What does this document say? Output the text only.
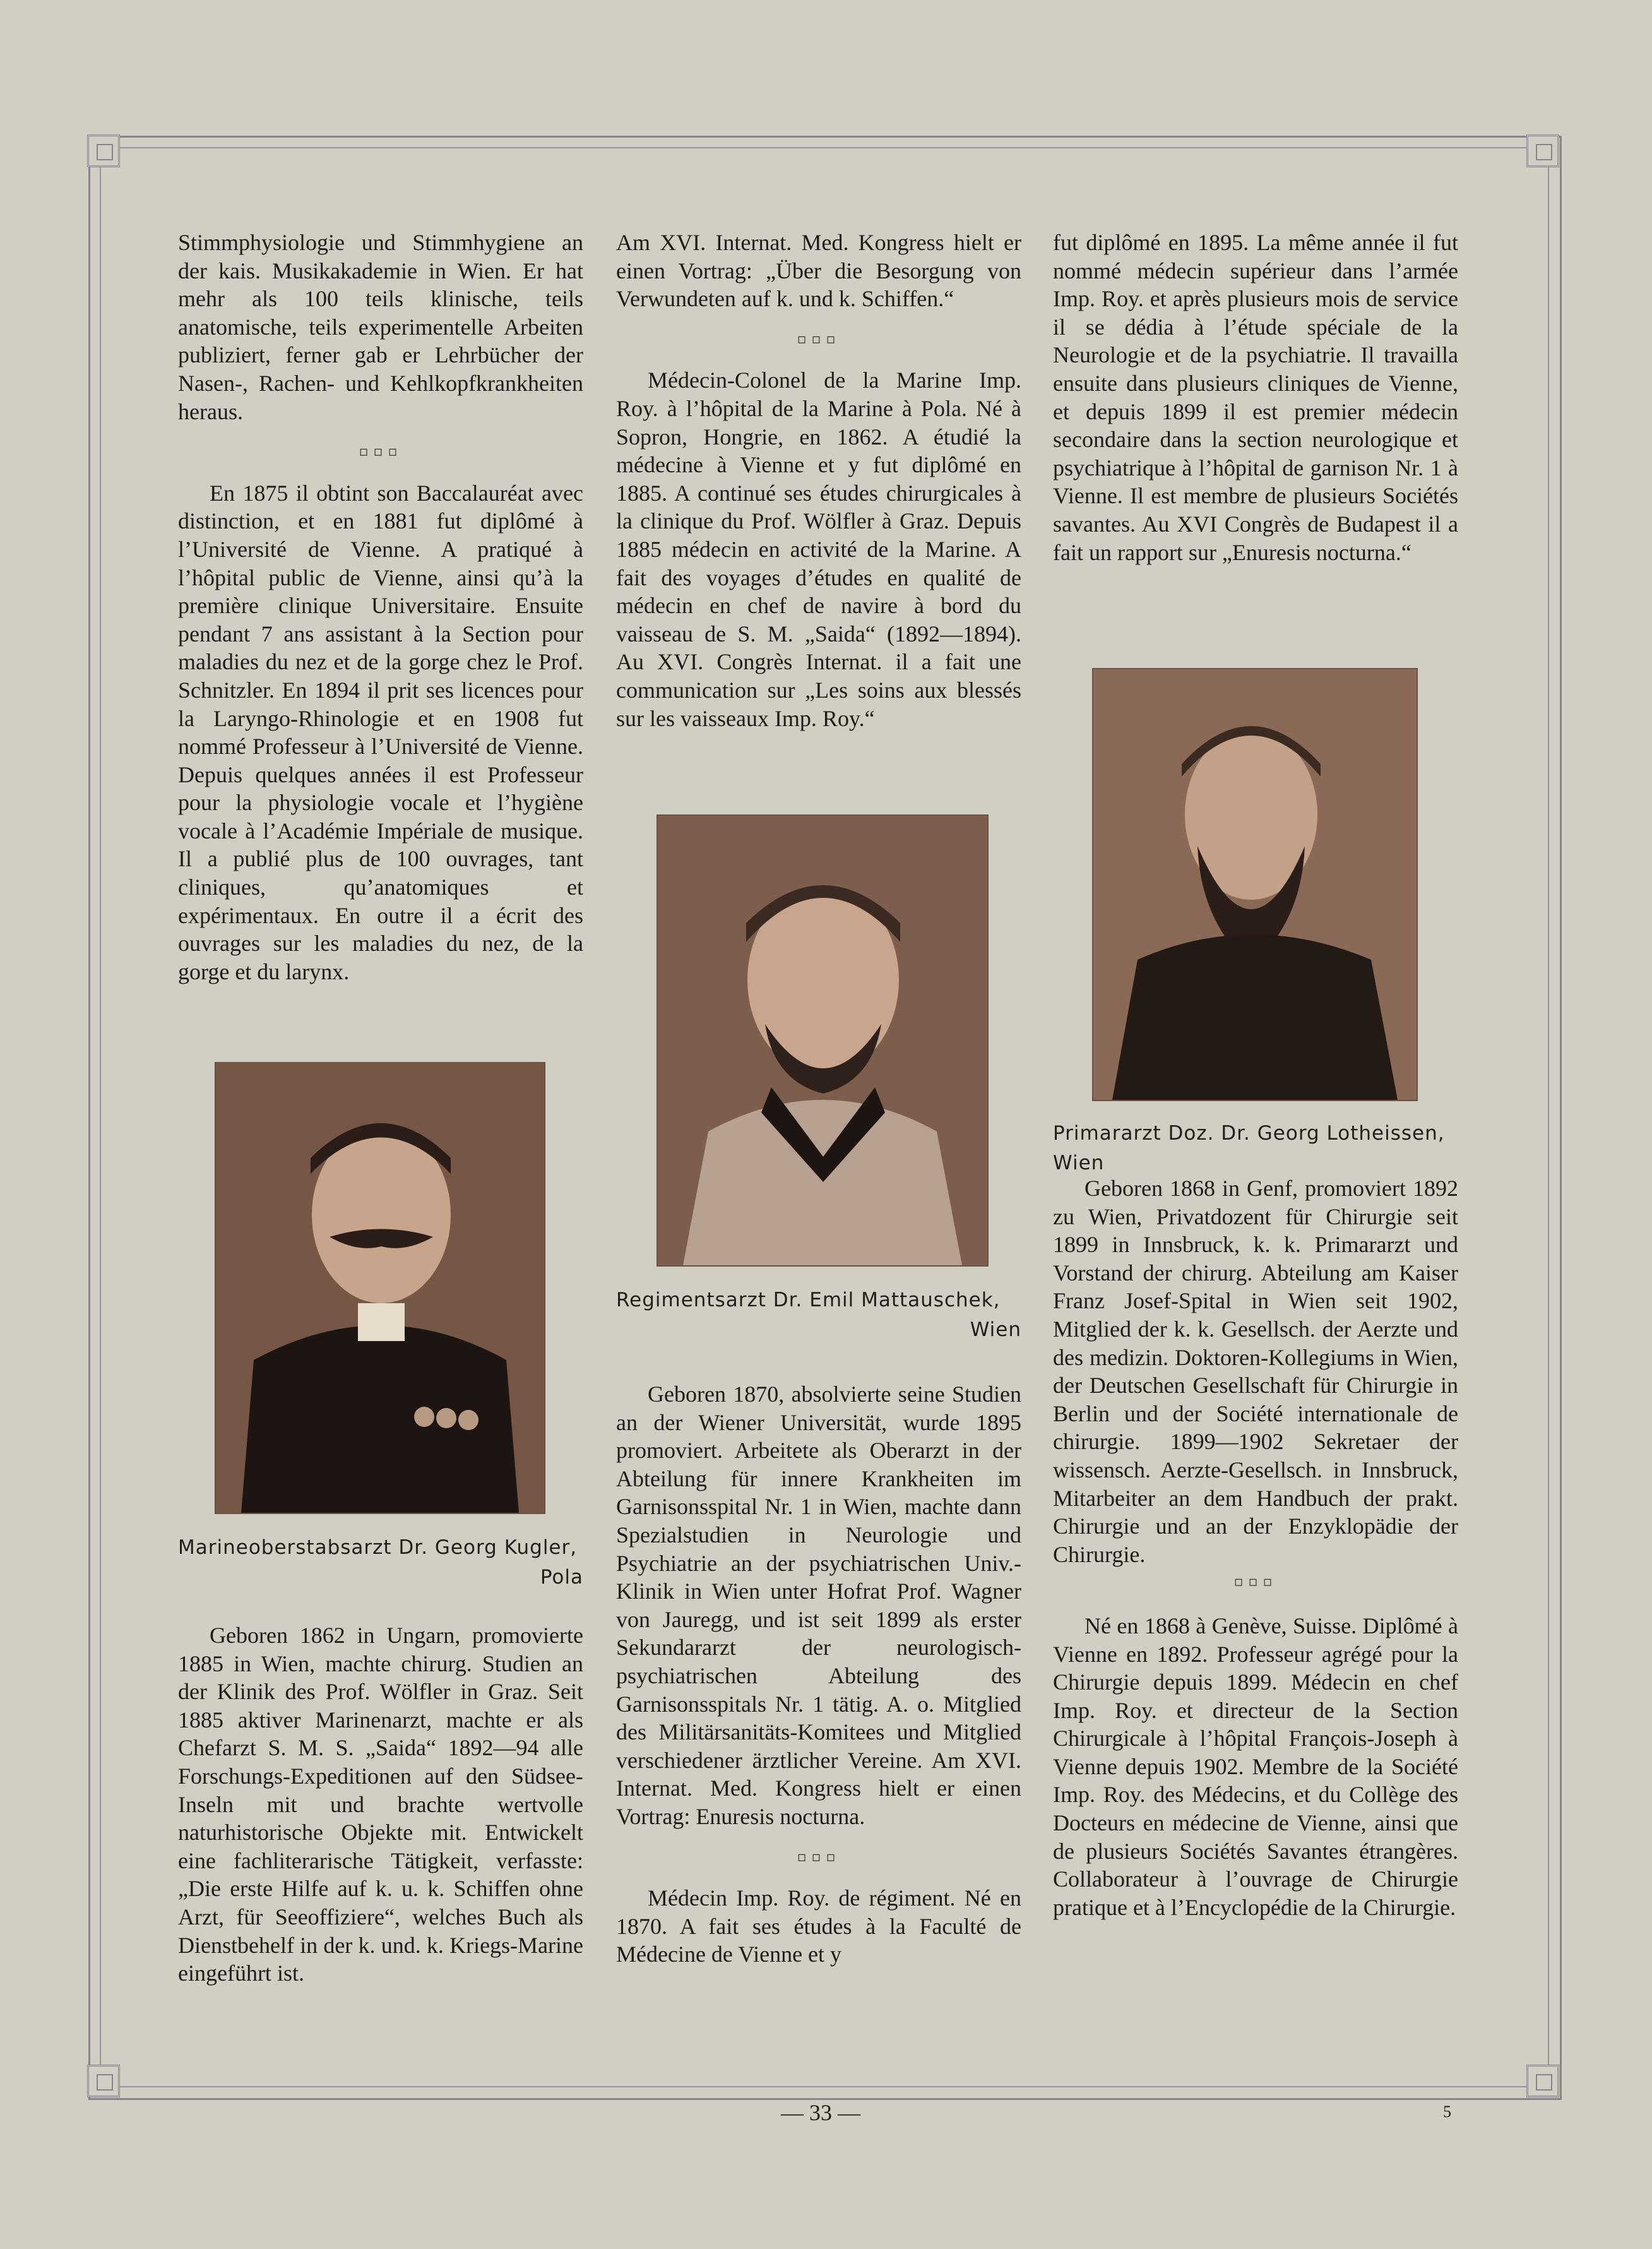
Stimmphysiologie und Stimmhygiene an der kais. Musikakademie in Wien. Er hat mehr als 100 teils klinische, teils anatomische, teils experimentelle Arbeiten publiziert, ferner gab er Lehrbücher der Nasen-, Rachen- und Kehlkopfkrankheiten heraus.

▫▫▫

En 1875 il obtint son Baccalauréat avec distinction, et en 1881 fut diplômé à l’Université de Vienne. A pratiqué à l’hôpital public de Vienne, ainsi qu’à la première clinique Universitaire. Ensuite pendant 7 ans assistant à la Section pour maladies du nez et de la gorge chez le Prof. Schnitzler. En 1894 il prit ses licences pour la Laryngo-Rhinologie et en 1908 fut nommé Professeur à l’Université de Vienne. Depuis quelques années il est Professeur pour la physiologie vocale et l’hygiène vocale à l’Académie Impériale de musique. Il a publié plus de 100 ouvrages, tant cliniques, qu’anatomiques et expérimentaux. En outre il a écrit des ouvrages sur les maladies du nez, de la gorge et du larynx.

Marineoberstabsarzt Dr. Georg Kugler,
Pola

Geboren 1862 in Ungarn, promovierte 1885 in Wien, machte chirurg. Studien an der Klinik des Prof. Wölfler in Graz. Seit 1885 aktiver Marinenarzt, machte er als Chefarzt S. M. S. „Saida“ 1892—94 alle Forschungs-Expeditionen auf den Südsee-Inseln mit und brachte wertvolle naturhistorische Objekte mit. Entwickelt eine fachliterarische Tätigkeit, verfasste: „Die erste Hilfe auf k. u. k. Schiffen ohne Arzt, für Seeoffiziere“, welches Buch als Dienstbehelf in der k. und. k. Kriegs-Marine eingeführt ist.

Am XVI. Internat. Med. Kongress hielt er einen Vortrag: „Über die Besorgung von Verwundeten auf k. und k. Schiffen.“

▫▫▫

Médecin-Colonel de la Marine Imp. Roy. à l’hôpital de la Marine à Pola. Né à Sopron, Hongrie, en 1862. A étudié la médecine à Vienne et y fut diplômé en 1885. A continué ses études chirurgicales à la clinique du Prof. Wölfler à Graz. Depuis 1885 médecin en activité de la Marine. A fait des voyages d’études en qualité de médecin en chef de navire à bord du vaisseau de S. M. „Saida“ (1892—1894). Au XVI. Congrès Internat. il a fait une communication sur „Les soins aux blessés sur les vaisseaux Imp. Roy.“

Regimentsarzt Dr. Emil Mattauschek,
Wien

Geboren 1870, absolvierte seine Studien an der Wiener Universität, wurde 1895 promoviert. Arbeitete als Oberarzt in der Abteilung für innere Krankheiten im Garnisonsspital Nr. 1 in Wien, machte dann Spezialstudien in Neurologie und Psychiatrie an der psychiatrischen Univ.-Klinik in Wien unter Hofrat Prof. Wagner von Jauregg, und ist seit 1899 als erster Sekundararzt der neurologisch-psychiatrischen Abteilung des Garnisonsspitals Nr. 1 tätig. A. o. Mitglied des Militärsanitäts-Komitees und Mitglied verschiedener ärztlicher Vereine. Am XVI. Internat. Med. Kongress hielt er einen Vortrag: Enuresis nocturna.

▫▫▫

Médecin Imp. Roy. de régiment. Né en 1870. A fait ses études à la Faculté de Médecine de Vienne et y

fut diplômé en 1895. La même année il fut nommé médecin supérieur dans l’armée Imp. Roy. et après plusieurs mois de service il se dédia à l’étude spéciale de la Neurologie et de la psychiatrie. Il travailla ensuite dans plusieurs cliniques de Vienne, et depuis 1899 il est premier médecin secondaire dans la section neurologique et psychiatrique à l’hôpital de garnison Nr. 1 à Vienne. Il est membre de plusieurs Sociétés savantes. Au XVI Congrès de Budapest il a fait un rapport sur „Enuresis nocturna.“

Primararzt Doz. Dr. Georg Lotheissen, Wien

Geboren 1868 in Genf, promoviert 1892 zu Wien, Privatdozent für Chirurgie seit 1899 in Innsbruck, k. k. Primararzt und Vorstand der chirurg. Abteilung am Kaiser Franz Josef-Spital in Wien seit 1902, Mitglied der k. k. Gesellsch. der Aerzte und des medizin. Doktoren-Kollegiums in Wien, der Deutschen Gesellschaft für Chirurgie in Berlin und der Société internationale de chirurgie. 1899—1902 Sekretaer der wissensch. Aerzte-Gesellsch. in Innsbruck, Mitarbeiter an dem Handbuch der prakt. Chirurgie und an der Enzyklopädie der Chirurgie.

▫▫▫

Né en 1868 à Genève, Suisse. Diplômé à Vienne en 1892. Professeur agrégé pour la Chirurgie depuis 1899. Médecin en chef Imp. Roy. et directeur de la Section Chirurgicale à l’hôpital François-Joseph à Vienne depuis 1902. Membre de la Société Imp. Roy. des Médecins, et du Collège des Docteurs en médecine de Vienne, ainsi que de plusieurs Sociétés Savantes étrangères. Collaborateur à l’ouvrage de Chirurgie pratique et à l’Encyclopédie de la Chirurgie.

— 33 —	5
